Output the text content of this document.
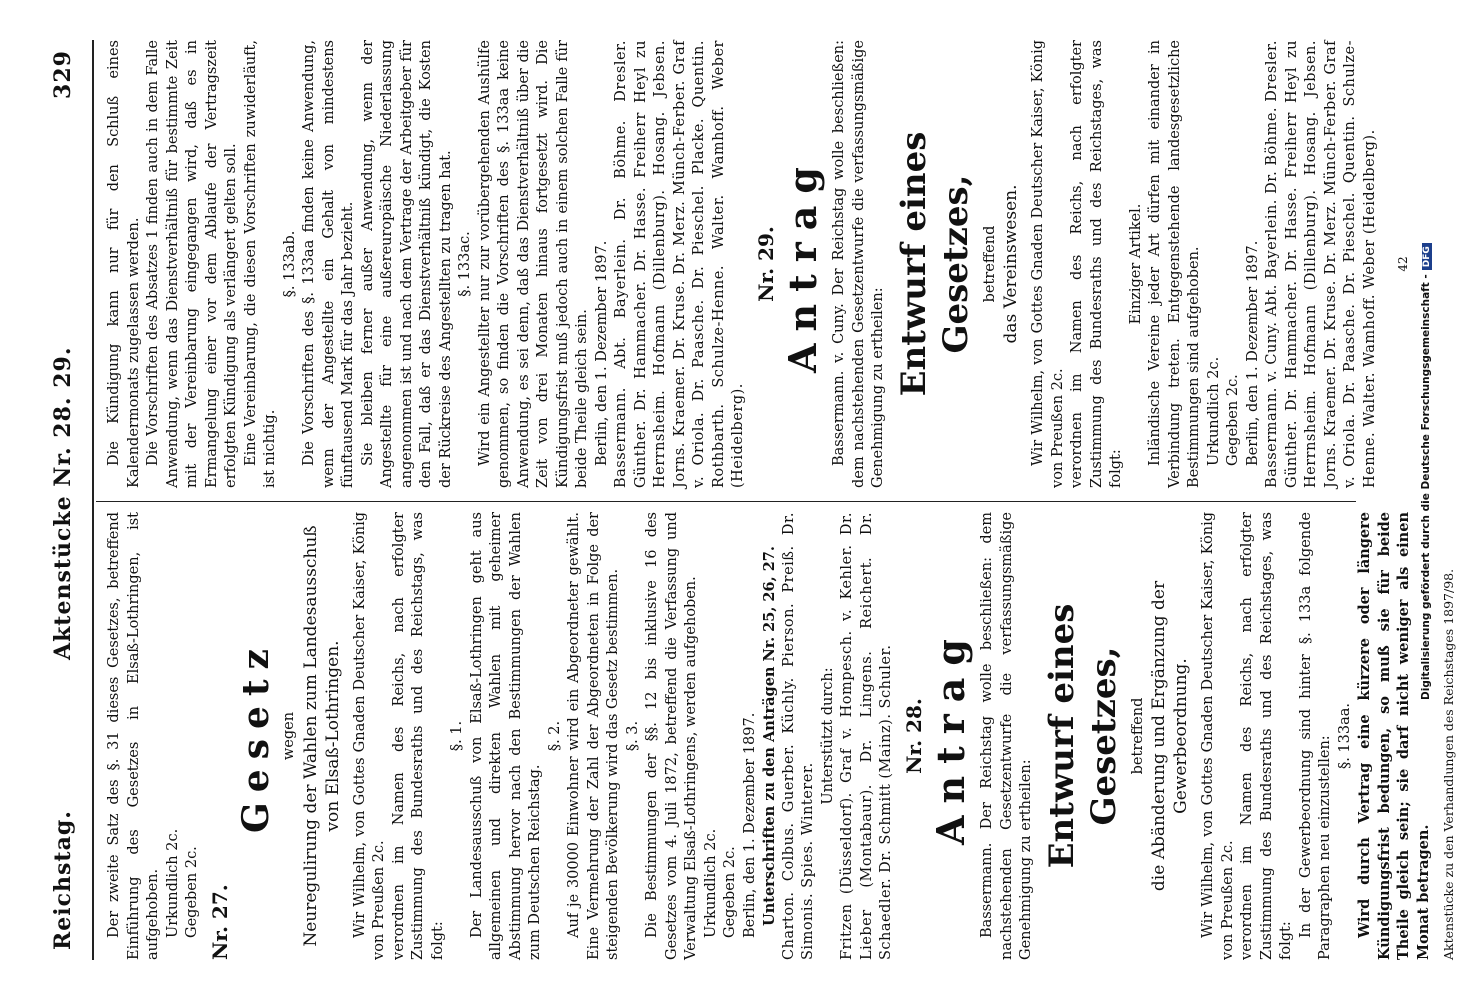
Reichstag.
Aktenstücke Nr. 28. 29.
329

Der zweite Satz des §. 31 dieses Gesetzes, betreffend Einführung des Gesetzes in Elsaß-Lothringen, ist aufgehoben. Urkundlich 2c. Gegeben 2c. Nr. 27.
Gesetz wegen Neuregulirung der Wahlen zum Landesausschuß von Elsaß-Lothringen. Wir Wilhelm, von Gottes Gnaden Deutscher Kaiser, König von Preußen 2c. verordnen im Namen des Reichs, nach erfolgter Zustimmung des Bundesraths und des Reichstags, was folgt:

§. 1. Der Landesausschuß von Elsaß-Lothringen geht aus allgemeinen und direkten Wahlen mit geheimer Abstimmung hervor nach den Bestimmungen der Wahlen zum Deutschen Reichstag.

§. 2. Auf je 30000 Einwohner wird ein Abgeordneter gewählt. Eine Vermehrung der Zahl der Abgeordneten in Folge der steigenden Bevölkerung wird das Gesetz bestimmen. §. 3. Die Bestimmungen der §§. 12 bis inklusive 16 des Gesetzes vom 4. Juli 1872, betreffend die Verfassung und Verwaltung Elsaß-Lothringens, werden aufgehoben. Urkundlich 2c. Gegeben 2c. Berlin, den 1. Dezember 1897. Unterschriften zu den Anträgen Nr. 25, 26, 27. Charton. Colbus. Guerber. Küchly. Pierson. Preiß. Dr. Simonis. Spies. Winterer.

Unterstützt durch: Fritzen (Düsseldorf). Graf v. Hompesch. v. Kehler. Dr. Lieber (Montabaur). Dr. Lingens. Reichert. Dr. Schaedler. Dr. Schmitt (Mainz). Schuler. Nr. 28. Antrag Bassermann. Der Reichstag wolle beschließen: dem nachstehenden Gesetzentwurfe die verfassungsmäßige Genehmigung zu ertheilen: Entwurf eines Gesetzes, betreffend die Abänderung und Ergänzung der Gewerbeordnung. Wir Wilhelm, von Gottes Gnaden Deutscher Kaiser, König von Preußen 2c. verordnen im Namen des Reichs, nach erfolgter Zustimmung des Bundesraths und des Reichstages, was folgt:

In der Gewerbeordnung sind hinter §. 133a folgende Paragraphen neu einzustellen: §. 133aa. Wird durch Vertrag eine kürzere oder längere Kündigungsfrist bedungen, so muß sie für beide Theile gleich sein; sie darf nicht weniger als einen Monat betragen. Aktenstücke zu den Verhandlungen des Reichstages 1897/98.

Die Kündigung kann nur für den Schluß eines Kalendermonats zugelassen werden. Die Vorschriften des Absatzes 1 finden auch in dem Falle Anwendung, wenn das Dienstverhältniß für bestimmte Zeit mit der Vereinbarung eingegangen wird, daß es in Ermangelung einer vor dem Ablaufe der Vertragszeit erfolgten Kündigung als verlängert gelten soll. Eine Vereinbarung, die diesen Vorschriften zuwiderläuft, ist nichtig.

§. 133ab. Die Vorschriften des §. 133aa finden keine Anwendung, wenn der Angestellte ein Gehalt von mindestens fünftausend Mark für das Jahr bezieht. Sie bleiben ferner außer Anwendung, wenn der Angestellte für eine außereuropäische Niederlassung angenommen ist und nach dem Vertrage der Arbeitgeber für den Fall, daß er das Dienstverhältniß kündigt, die Kosten der Rückreise des Angestellten zu tragen hat. §. 133ac. Wird ein Angestellter nur zur vorübergehenden Aushülfe genommen, so finden die Vorschriften des §. 133aa keine Anwendung, es sei denn, daß das Dienstverhältniß über die Zeit von drei Monaten hinaus fortgesetzt wird. Die Kündigungsfrist muß jedoch auch in einem solchen Falle für beide Theile gleich sein. Berlin, den 1. Dezember 1897. Bassermann. Abt. Bayerlein. Dr. Böhme. Dresler. Günther. Dr. Hammacher. Dr. Hasse. Freiherr Heyl zu Herrnsheim. Hofmann (Dillenburg). Hosang. Jebsen. Jorns. Kraemer. Dr. Kruse. Dr. Merz. Münch-Ferber. Graf v. Oriola. Dr. Paasche. Dr. Pieschel. Placke. Quentin. Rothbarth. Schulze-Henne. Walter. Wamhoff. Weber (Heidelberg).

Nr. 29. Antrag Bassermann. v. Cuny. Der Reichstag wolle beschließen: dem nachstehenden Gesetzentwurfe die verfassungsmäßige Genehmigung zu ertheilen: Entwurf eines Gesetzes, betreffend das Vereinswesen. Wir Wilhelm, von Gottes Gnaden Deutscher Kaiser, König von Preußen 2c. verordnen im Namen des Reichs, nach erfolgter Zustimmung des Bundesraths und des Reichstages, was folgt:

Einziger Artikel. Inländische Vereine jeder Art dürfen mit einander in Verbindung treten. Entgegenstehende landesgesetzliche Bestimmungen sind aufgehoben. Urkundlich 2c. Gegeben 2c. Berlin, den 1. Dezember 1897. Bassermann. v. Cuny. Abt. Bayerlein. Dr. Böhme. Dresler. Günther. Dr. Hammacher. Dr. Hasse. Freiherr Heyl zu Herrnsheim. Hofmann (Dillenburg). Hosang. Jebsen. Jorns. Kraemer. Dr. Kruse. Dr. Merz. Münch-Ferber. Graf v. Oriola. Dr. Paasche. Dr. Pieschel. Quentin. Schulze-Henne. Walter. Wamhoff. Weber (Heidelberg). 42
Digitalisierung gefördert durch die Deutsche Forschungsgemeinschaft -DFG
